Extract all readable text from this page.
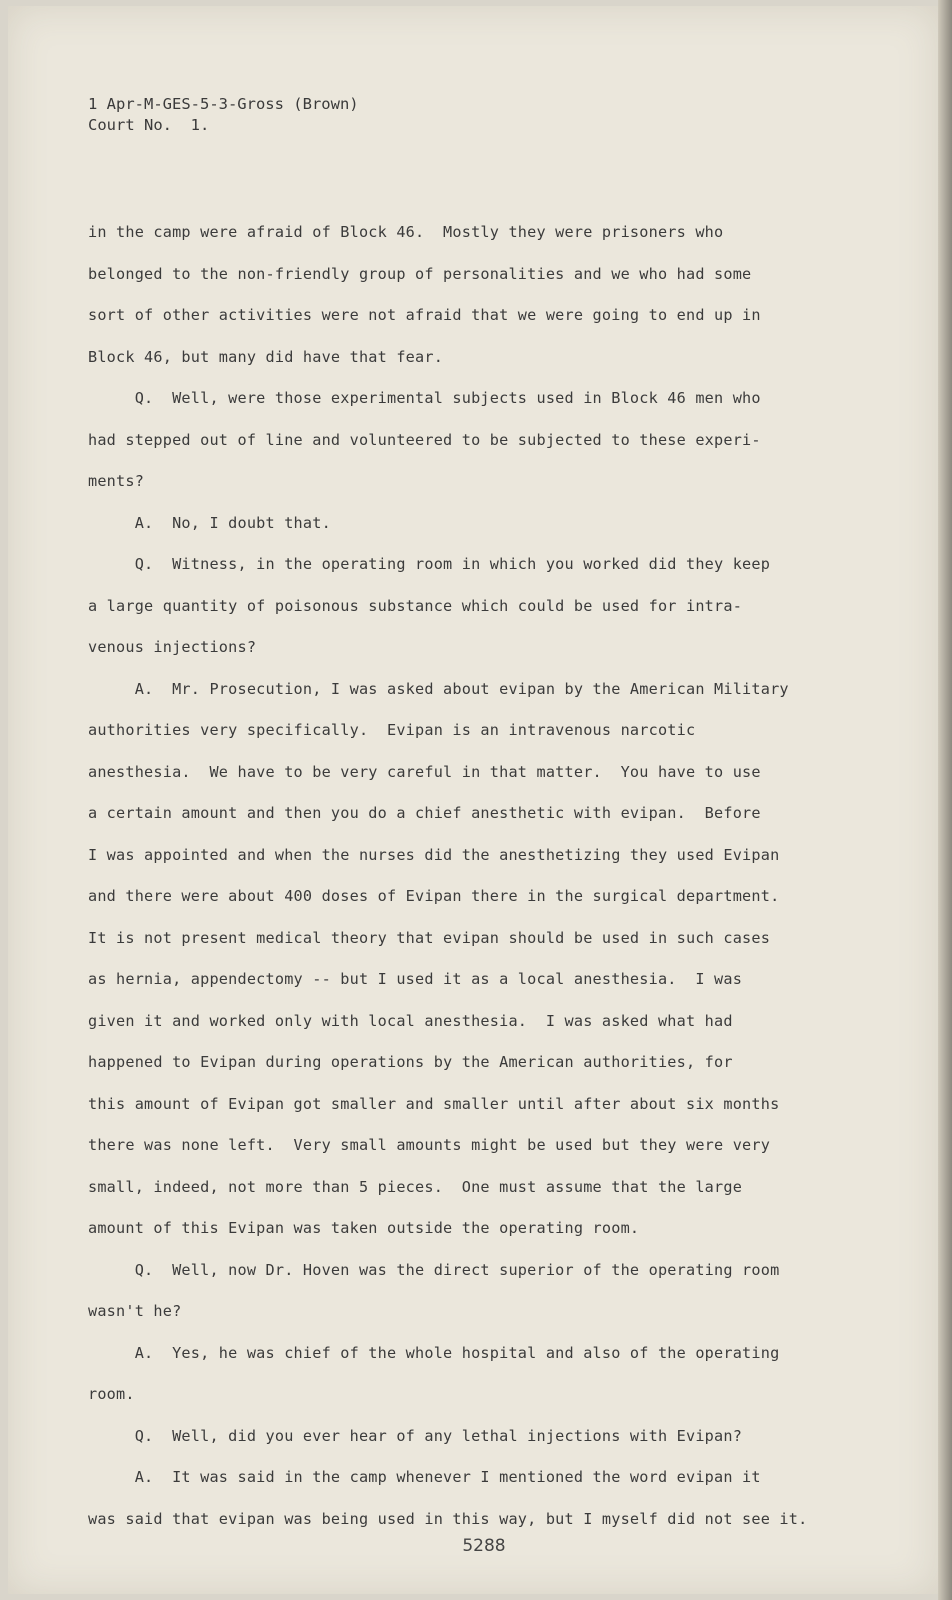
1 Apr-M-GES-5-3-Gross (Brown)
Court No.  1.
in the camp were afraid of Block 46.  Mostly they were prisoners who
belonged to the non-friendly group of personalities and we who had some
sort of other activities were not afraid that we were going to end up in
Block 46, but many did have that fear.
Q.  Well, were those experimental subjects used in Block 46 men who
had stepped out of line and volunteered to be subjected to these experi-
ments?
A.  No, I doubt that.
Q.  Witness, in the operating room in which you worked did they keep
a large quantity of poisonous substance which could be used for intra-
venous injections?
A.  Mr. Prosecution, I was asked about evipan by the American Military
authorities very specifically.  Evipan is an intravenous narcotic
anesthesia.  We have to be very careful in that matter.  You have to use
a certain amount and then you do a chief anesthetic with evipan.  Before
I was appointed and when the nurses did the anesthetizing they used Evipan
and there were about 400 doses of Evipan there in the surgical department.
It is not present medical theory that evipan should be used in such cases
as hernia, appendectomy -- but I used it as a local anesthesia.  I was
given it and worked only with local anesthesia.  I was asked what had
happened to Evipan during operations by the American authorities, for
this amount of Evipan got smaller and smaller until after about six months
there was none left.  Very small amounts might be used but they were very
small, indeed, not more than 5 pieces.  One must assume that the large
amount of this Evipan was taken outside the operating room.
Q.  Well, now Dr. Hoven was the direct superior of the operating room
wasn't he?
A.  Yes, he was chief of the whole hospital and also of the operating
room.
Q.  Well, did you ever hear of any lethal injections with Evipan?
A.  It was said in the camp whenever I mentioned the word evipan it
was said that evipan was being used in this way, but I myself did not see it.
5288
